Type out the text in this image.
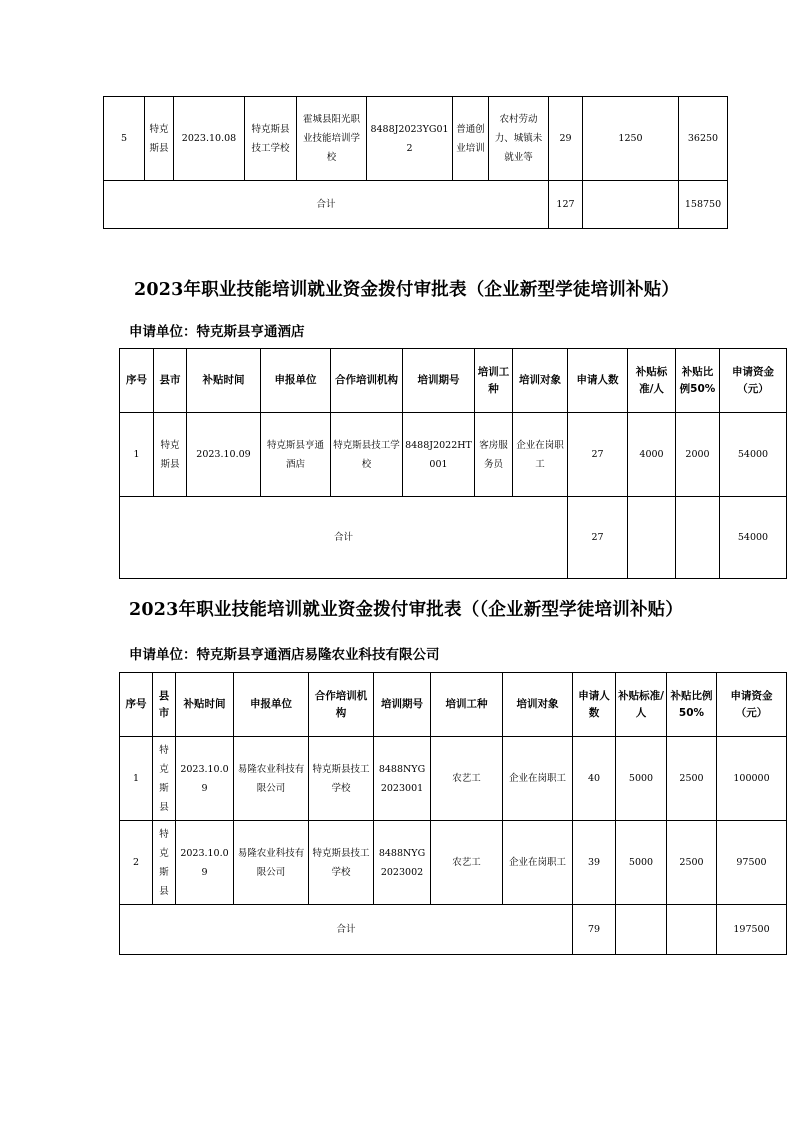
5	特克斯县	2023.10.08	特克斯县技工学校	霍城县阳光职业技能培训学校	8488J2023YG012	普通创业培训	农村劳动力、城镇未就业等	29	1250	36250
合计								127		158750
2023年职业技能培训就业资金拨付审批表（企业新型学徒培训补贴）
申请单位：特克斯县亨通酒店
序号	县市	补贴时间	申报单位	合作培训机构	培训期号	培训工种	培训对象	申请人数	补贴标准/人	补贴比例50%	申请资金（元）
1	特克斯县	2023.10.09	特克斯县亨通酒店	特克斯县技工学校	8488J2022HT001	客房服务员	企业在岗职工	27	4000	2000	54000
合计								27			54000
2023年职业技能培训就业资金拨付审批表（（企业新型学徒培训补贴）
申请单位：特克斯县亨通酒店易隆农业科技有限公司
序号	县市	补贴时间	申报单位	合作培训机构	培训期号	培训工种	培训对象	申请人数	补贴标准/人	补贴比例50%	申请资金（元）
1	特克斯县	2023.10.09	易隆农业科技有限公司	特克斯县技工学校	8488NYG2023001	农艺工	企业在岗职工	40	5000	2500	100000
2	特克斯县	2023.10.09	易隆农业科技有限公司	特克斯县技工学校	8488NYG2023002	农艺工	企业在岗职工	39	5000	2500	97500
合计								79			197500
